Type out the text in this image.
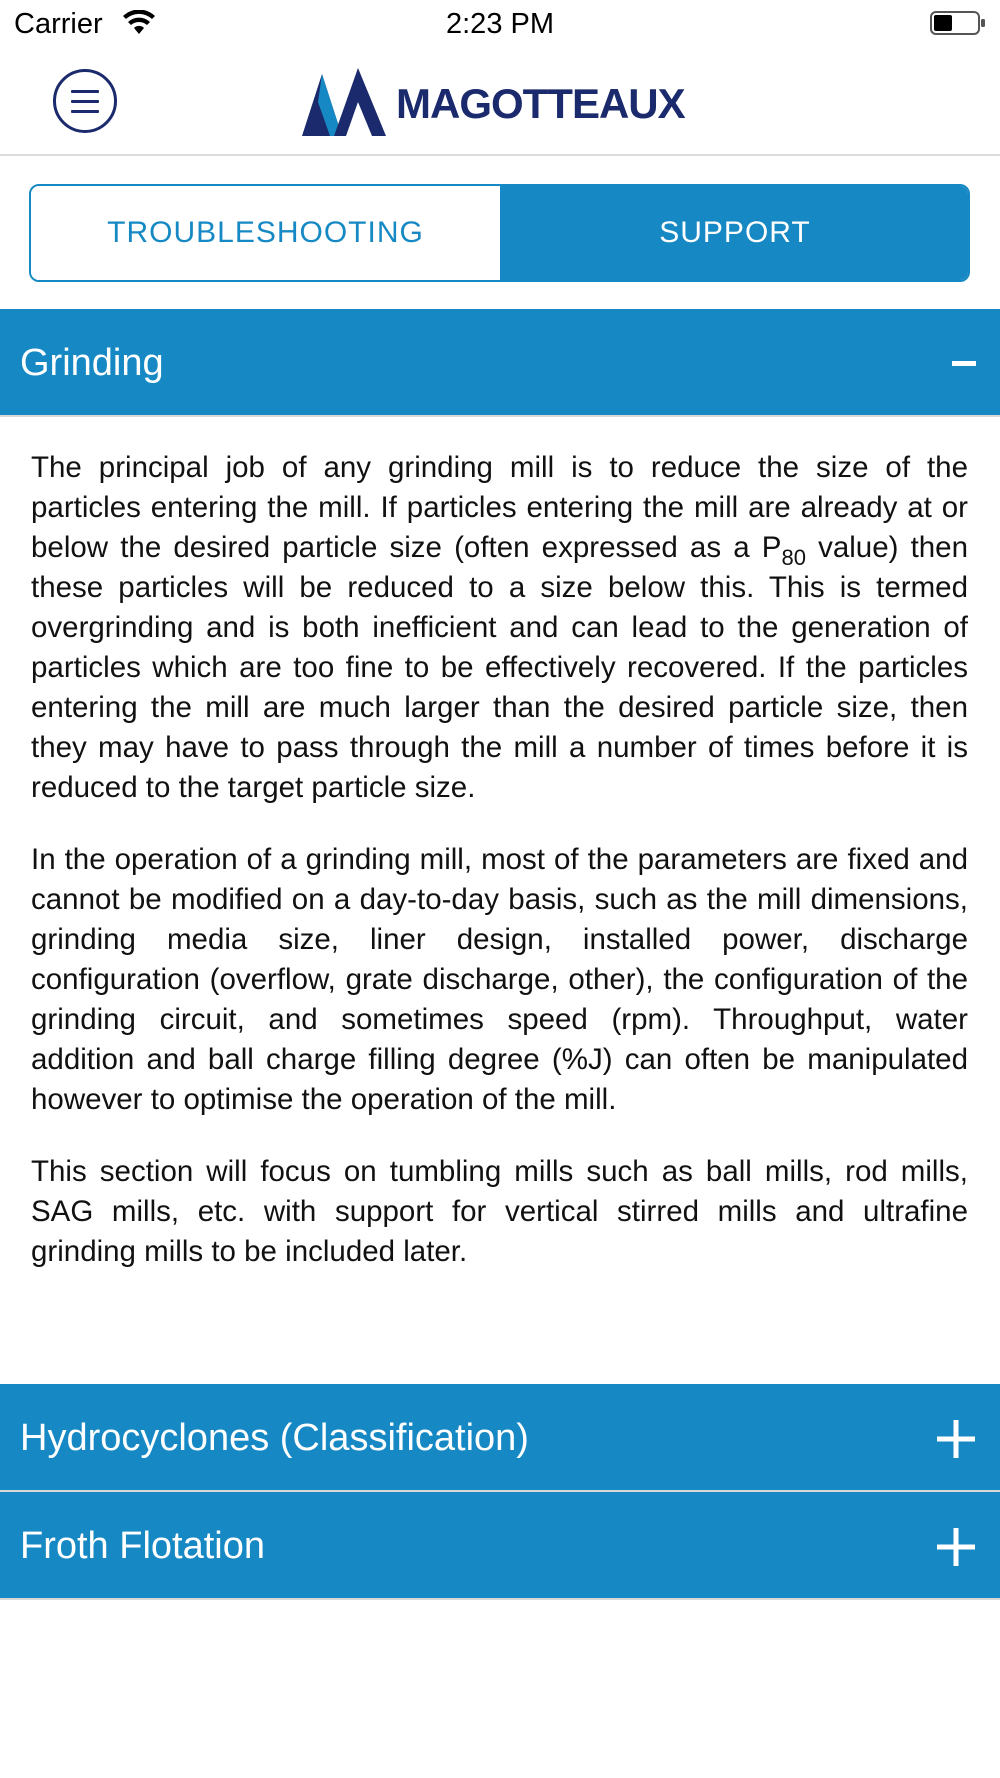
Carrier	2:23 PM
MAGOTTEAUX
TROUBLESHOOTING	SUPPORT
Grinding

The principal job of any grinding mill is to reduce the size of the particles entering the mill. If particles entering the mill are already at or below the desired particle size (often expressed as a $P_{80}$ value) then these particles will be reduced to a size below this. This is termed overgrinding and is both inefficient and can lead to the generation of particles which are too fine to be effectively recovered. If the particles entering the mill are much larger than the desired particle size, then they may have to pass through the mill a number of times before it is reduced to the target particle size.

In the operation of a grinding mill, most of the parameters are fixed and cannot be modified on a day-to-day basis, such as the mill dimensions, grinding media size, liner design, installed power, discharge configuration (overflow, grate discharge, other), the configuration of the grinding circuit, and sometimes speed (rpm). Throughput, water addition and ball charge filling degree (%J) can often be manipulated however to optimise the operation of the mill.

This section will focus on tumbling mills such as ball mills, rod mills, SAG mills, etc. with support for vertical stirred mills and ultrafine grinding mills to be included later.

Hydrocyclones (Classification)
Froth Flotation
